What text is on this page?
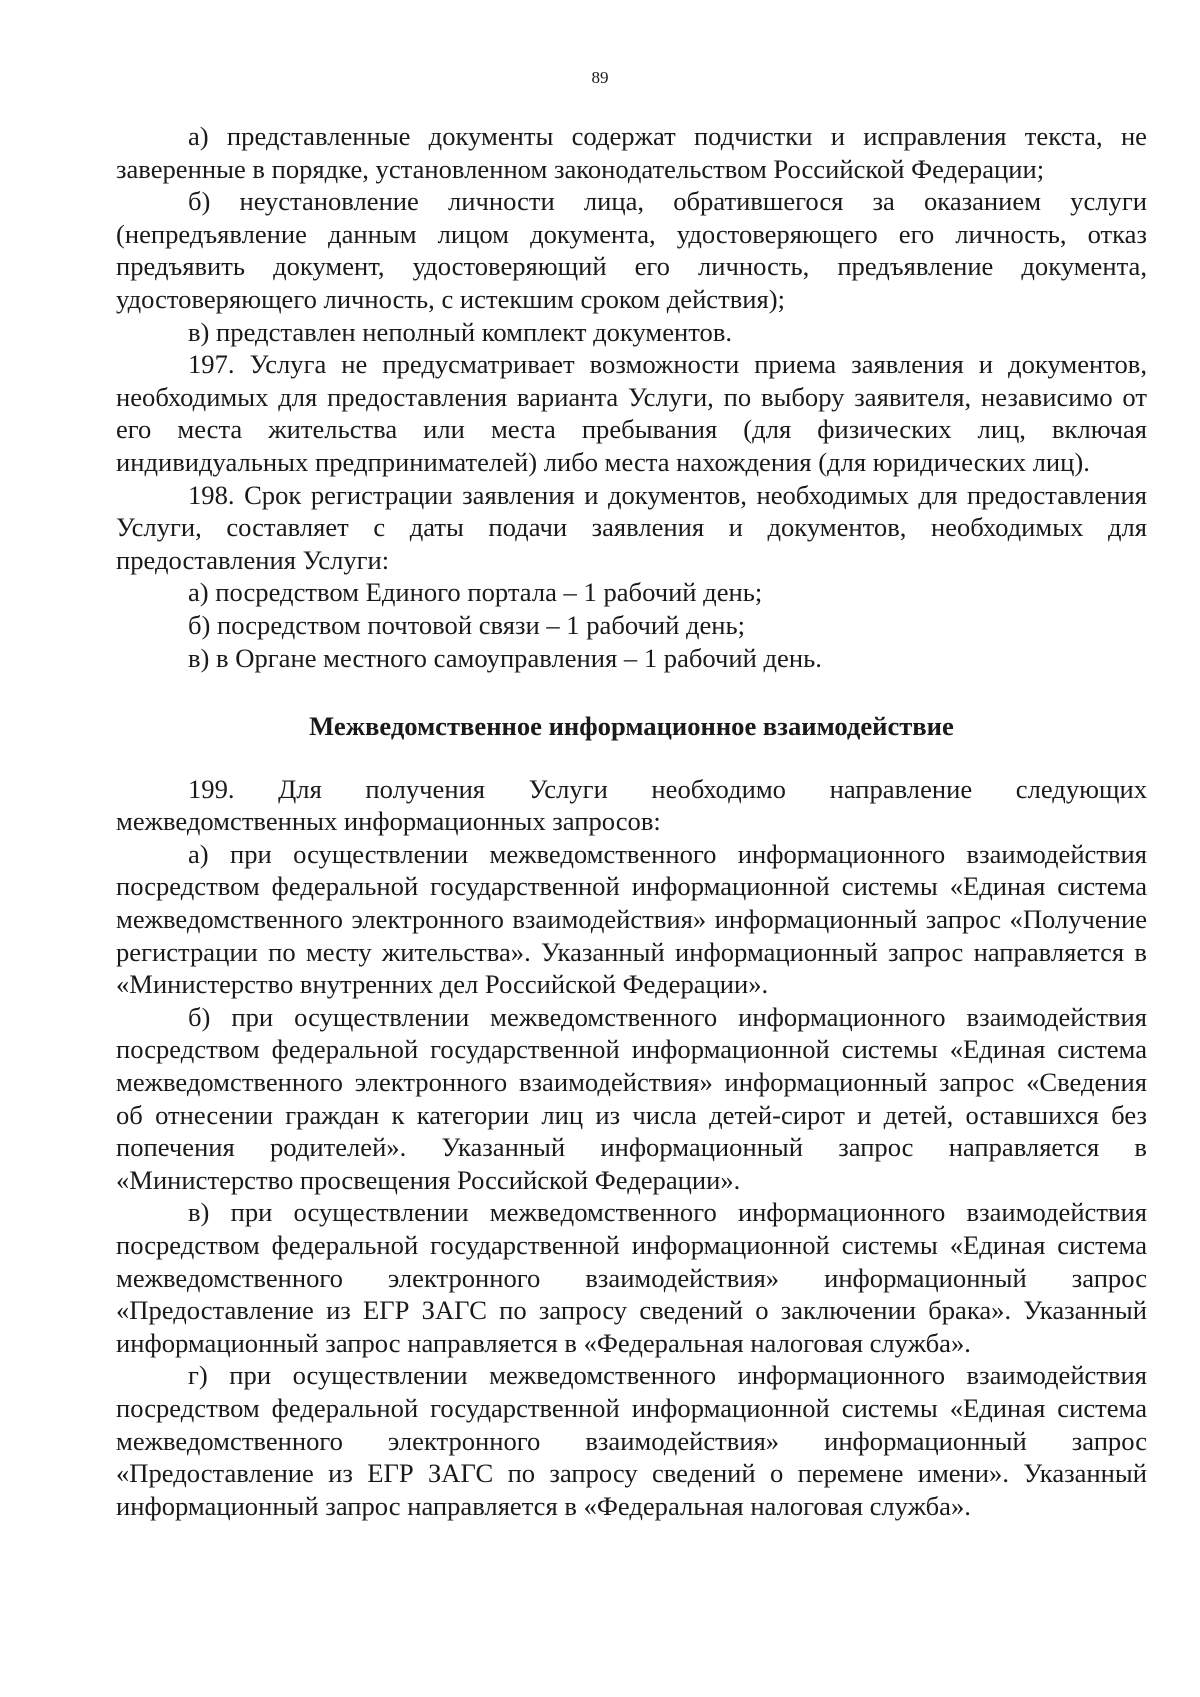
89

а) представленные документы содержат подчистки и исправления текста, не заверенные в порядке, установленном законодательством Российской Федерации;

б) неустановление личности лица, обратившегося за оказанием услуги (непредъявление данным лицом документа, удостоверяющего его личность, отказ предъявить документ, удостоверяющий его личность, предъявление документа, удостоверяющего личность, с истекшим сроком действия);

в) представлен неполный комплект документов.

197. Услуга не предусматривает возможности приема заявления и документов, необходимых для предоставления варианта Услуги, по выбору заявителя, независимо от его места жительства или места пребывания (для физических лиц, включая индивидуальных предпринимателей) либо места нахождения (для юридических лиц).

198. Срок регистрации заявления и документов, необходимых для предоставления Услуги, составляет с даты подачи заявления и документов, необходимых для предоставления Услуги:

а) посредством Единого портала – 1 рабочий день;

б) посредством почтовой связи – 1 рабочий день;

в) в Органе местного самоуправления – 1 рабочий день.

Межведомственное информационное взаимодействие

199. Для получения Услуги необходимо направление следующих межведомственных информационных запросов:

а) при осуществлении межведомственного информационного взаимодействия посредством федеральной государственной информационной системы «Единая система межведомственного электронного взаимодействия» информационный запрос «Получение регистрации по месту жительства». Указанный информационный запрос направляется в «Министерство внутренних дел Российской Федерации».

б) при осуществлении межведомственного информационного взаимодействия посредством федеральной государственной информационной системы «Единая система межведомственного электронного взаимодействия» информационный запрос «Сведения об отнесении граждан к категории лиц из числа детей-сирот и детей, оставшихся без попечения родителей». Указанный информационный запрос направляется в «Министерство просвещения Российской Федерации».

в) при осуществлении межведомственного информационного взаимодействия посредством федеральной государственной информационной системы «Единая система межведомственного электронного взаимодействия» информационный запрос «Предоставление из ЕГР ЗАГС по запросу сведений о заключении брака». Указанный информационный запрос направляется в «Федеральная налоговая служба».

г) при осуществлении межведомственного информационного взаимодействия посредством федеральной государственной информационной системы «Единая система межведомственного электронного взаимодействия» информационный запрос «Предоставление из ЕГР ЗАГС по запросу сведений о перемене имени». Указанный информационный запрос направляется в «Федеральная налоговая служба».
